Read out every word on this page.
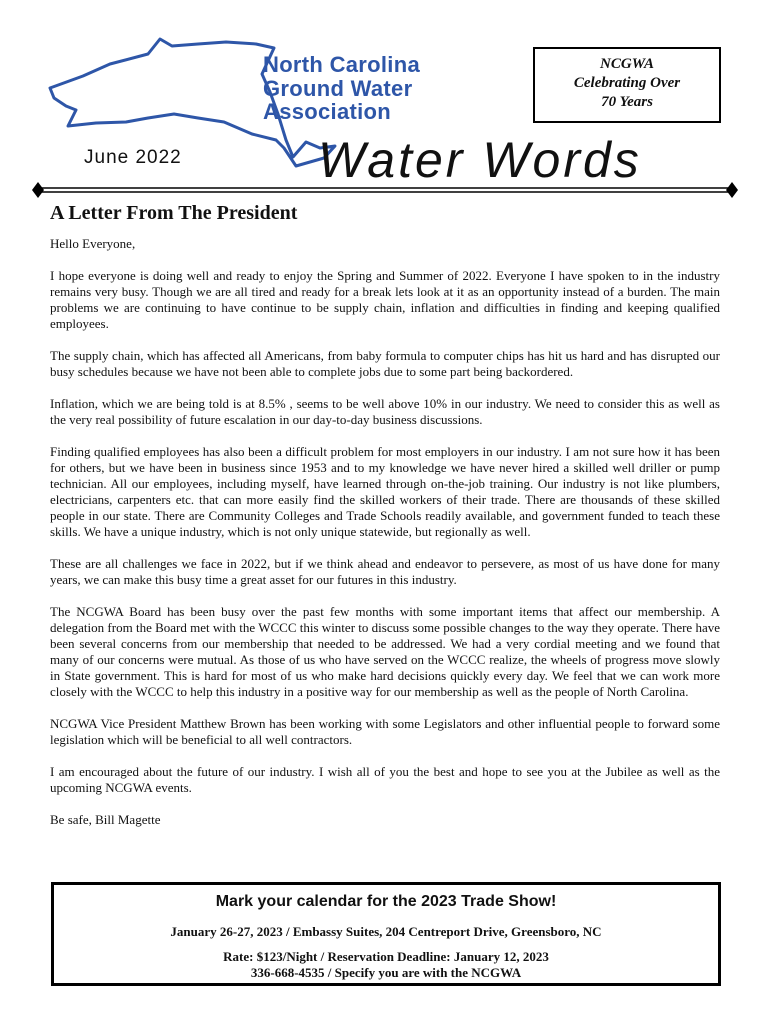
North Carolina
Ground Water
Association
NCGWA
Celebrating Over
70 Years
June 2022	Water Words
A Letter From The President

Hello Everyone,

I hope everyone is doing well and ready to enjoy the Spring and Summer of 2022. Everyone I have spoken to in the industry remains very busy. Though we are all tired and ready for a break lets look at it as an opportunity instead of a burden. The main problems we are continuing to have continue to be supply chain, inflation and difficulties in finding and keeping qualified employees.

The supply chain, which has affected all Americans, from baby formula to computer chips has hit us hard and has disrupted our busy schedules because we have not been able to complete jobs due to some part being backordered.

Inflation, which we are being told is at 8.5% , seems to be well above 10% in our industry. We need to consider this as well as the very real possibility of future escalation in our day-to-day business discussions.

Finding qualified employees has also been a difficult problem for most employers in our industry. I am not sure how it has been for others, but we have been in business since 1953 and to my knowledge we have never hired a skilled well driller or pump technician. All our employees, including myself, have learned through on-the-job training. Our industry is not like plumbers, electricians, carpenters etc. that can more easily find the skilled workers of their trade. There are thousands of these skilled people in our state. There are Community Colleges and Trade Schools readily available, and government funded to teach these skills. We have a unique industry, which is not only unique statewide, but regionally as well.

These are all challenges we face in 2022, but if we think ahead and endeavor to persevere, as most of us have done for many years, we can make this busy time a great asset for our futures in this industry.

The NCGWA Board has been busy over the past few months with some important items that affect our membership. A delegation from the Board met with the WCCC this winter to discuss some possible changes to the way they operate. There have been several concerns from our membership that needed to be addressed. We had a very cordial meeting and we found that many of our concerns were mutual. As those of us who have served on the WCCC realize, the wheels of progress move slowly in State government. This is hard for most of us who make hard decisions quickly every day. We feel that we can work more closely with the WCCC to help this industry in a positive way for our membership as well as the people of North Carolina.

NCGWA Vice President Matthew Brown has been working with some Legislators and other influential people to forward some legislation which will be beneficial to all well contractors.

I am encouraged about the future of our industry. I wish all of you the best and hope to see you at the Jubilee as well as the upcoming NCGWA events.

Be safe, Bill Magette

Mark your calendar for the 2023 Trade Show!
January 26-27, 2023 / Embassy Suites, 204 Centreport Drive, Greensboro, NC
Rate: $123/Night / Reservation Deadline: January 12, 2023
336-668-4535 / Specify you are with the NCGWA
